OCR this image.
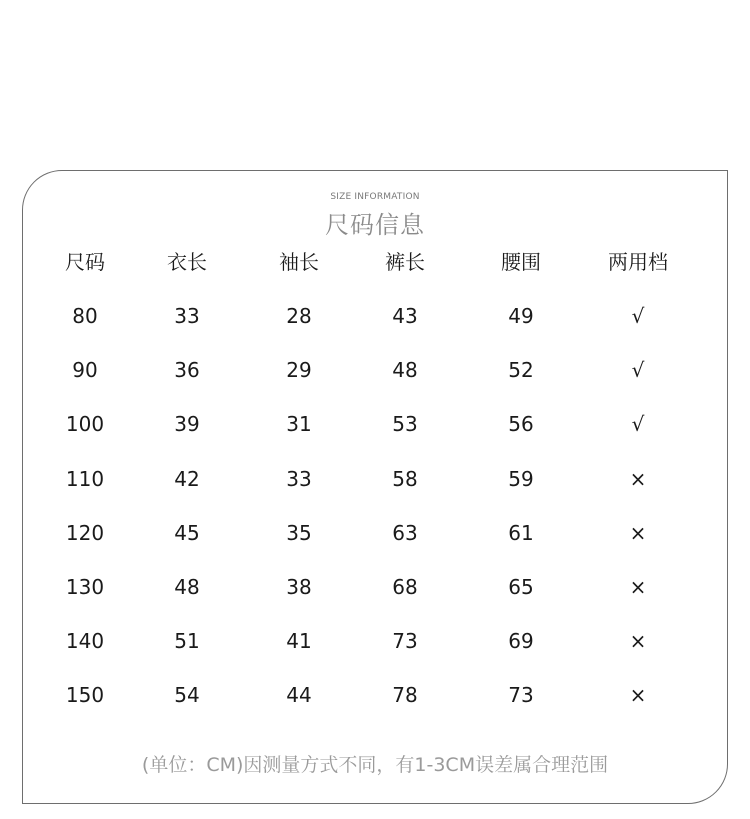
SIZE INFORMATION
尺码信息
尺码	衣长	袖长	裤长	腰围	两用档
80	33	28	43	49	√
90	36	29	48	52	√
100	39	31	53	56	√
110	42	33	58	59	×
120	45	35	63	61	×
130	48	38	68	65	×
140	51	41	73	69	×
150	54	44	78	73	×
(单位：CM)因测量方式不同，有1-3CM误差属合理范围
